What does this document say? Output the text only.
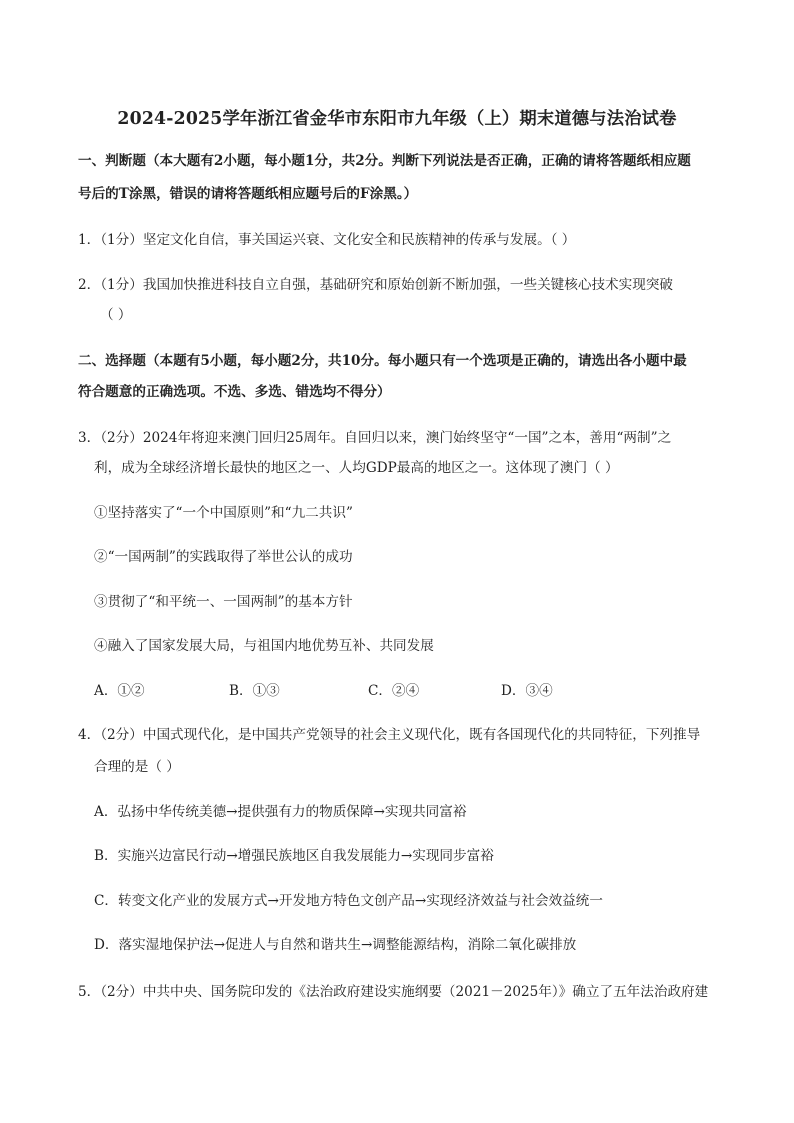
2024-2025学年浙江省金华市东阳市九年级（上）期末道德与法治试卷
一、判断题（本大题有2小题，每小题1分，共2分。判断下列说法是否正确，正确的请将答题纸相应题
号后的T涂黑，错误的请将答题纸相应题号后的F涂黑。）
1．（1分）坚定文化自信，事关国运兴衰、文化安全和民族精神的传承与发展。（ ）
2．（1分）我国加快推进科技自立自强，基础研究和原始创新不断加强，一些关键核心技术实现突破
（ ）
二、选择题（本题有5小题，每小题2分，共10分。每小题只有一个选项是正确的，请选出各小题中最
符合题意的正确选项。不选、多选、错选均不得分）
3．（2分）2024年将迎来澳门回归25周年。自回归以来，澳门始终坚守“一国”之本，善用“两制”之
利，成为全球经济增长最快的地区之一、人均GDP最高的地区之一。这体现了澳门（ ）
①坚持落实了“一个中国原则”和“九二共识”
②“一国两制”的实践取得了举世公认的成功
③贯彻了“和平统一、一国两制”的基本方针
④融入了国家发展大局，与祖国内地优势互补、共同发展
A．①②	B．①③	C．②④	D．③④
4．（2分）中国式现代化，是中国共产党领导的社会主义现代化，既有各国现代化的共同特征，下列推导
合理的是（ ）
A．弘扬中华传统美德→提供强有力的物质保障→实现共同富裕
B．实施兴边富民行动→增强民族地区自我发展能力→实现同步富裕
C．转变文化产业的发展方式→开发地方特色文创产品→实现经济效益与社会效益统一
D．落实湿地保护法→促进人与自然和谐共生→调整能源结构，消除二氧化碳排放
5．（2分）中共中央、国务院印发的《法治政府建设实施纲要（2021－2025年）》确立了五年法治政府建
